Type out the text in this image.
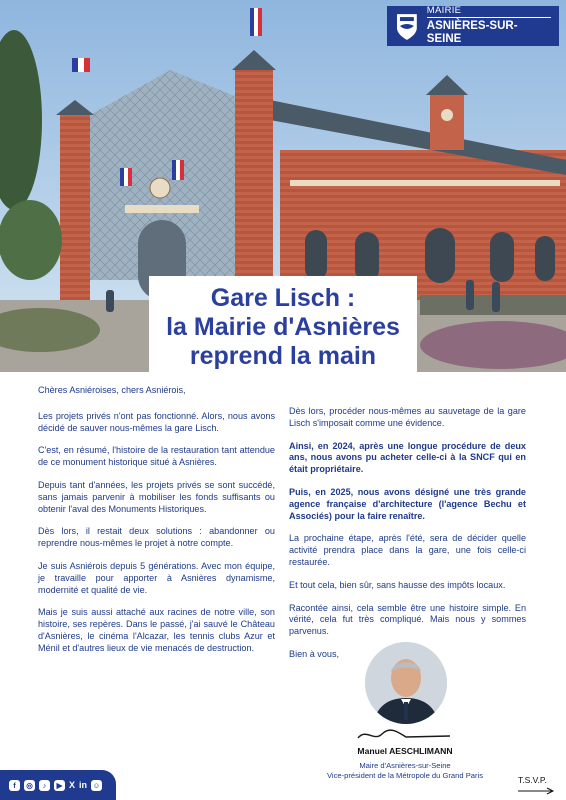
MAIRIE
ASNIÈRES-SUR-SEINE
Gare Lisch :
la Mairie d'Asnières
reprend la main

Chères Asniéroises, chers Asniérois,

Les projets privés n'ont pas fonctionné. Alors, nous avons décidé de sauver nous-mêmes la gare Lisch.

C'est, en résumé, l'histoire de la restauration tant attendue de ce monument historique situé à Asnières.

Depuis tant d'années, les projets privés se sont succédé, sans jamais parvenir à mobiliser les fonds suffisants ou obtenir l'aval des Monuments Historiques.

Dès lors, il restait deux solutions : abandonner ou reprendre nous-mêmes le projet à notre compte.

Je suis Asniérois depuis 5 générations. Avec mon équipe, je travaille pour apporter à Asnières dynamisme, modernité et qualité de vie.

Mais je suis aussi attaché aux racines de notre ville, son histoire, ses repères. Dans le passé, j'ai sauvé le Château d'Asnières, le cinéma l'Alcazar, les tennis clubs Azur et Ménil et d'autres lieux de vie menacés de destruction.

Dès lors, procéder nous-mêmes au sauvetage de la gare Lisch s'imposait comme une évidence.

Ainsi, en 2024, après une longue procédure de deux ans, nous avons pu acheter celle-ci à la SNCF qui en était propriétaire.

Puis, en 2025, nous avons désigné une très grande agence française d'architecture (l'agence Bechu et Associés) pour la faire renaître.

La prochaine étape, après l'été, sera de décider quelle activité prendra place dans la gare, une fois celle-ci restaurée.

Et tout cela, bien sûr, sans hausse des impôts locaux.

Racontée ainsi, cela semble être une histoire simple. En vérité, cela fut très compliqué. Mais nous y sommes parvenus.

Bien à vous,

Manuel AESCHLIMANN
Maire d'Asnières-sur-Seine
Vice-président de la Métropole du Grand Paris
f	◎	♪	▶ X in ☺	T.S.V.P.
